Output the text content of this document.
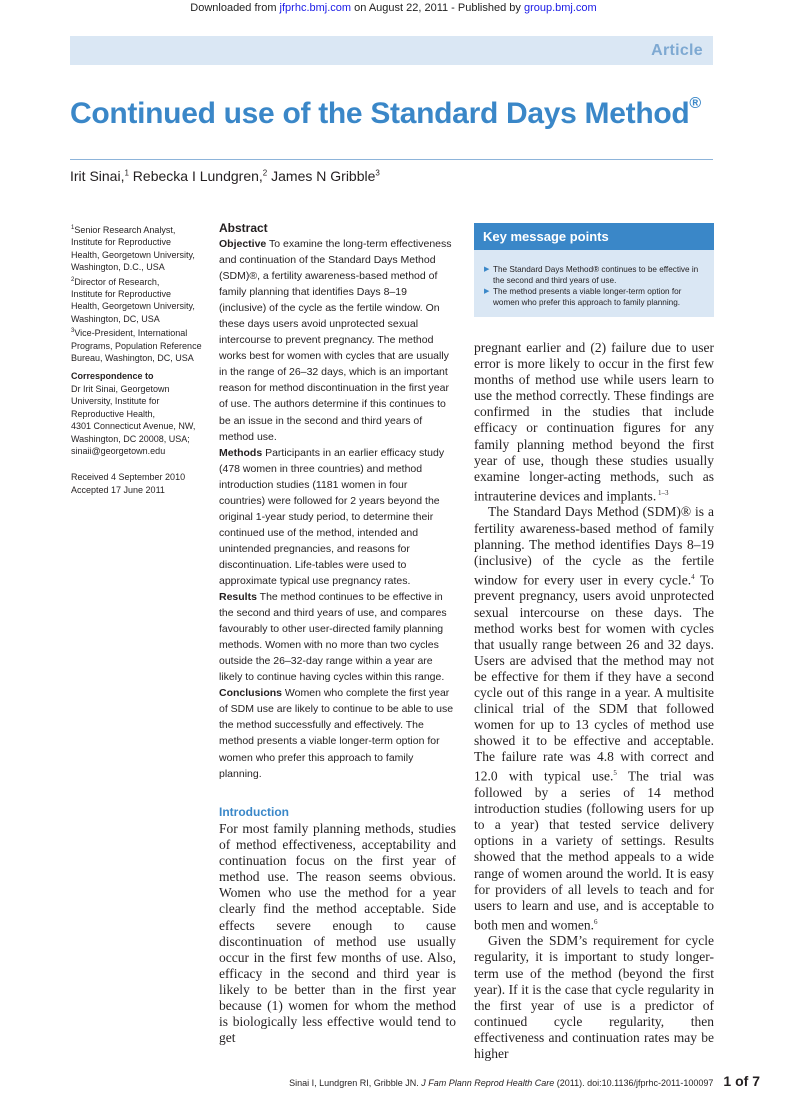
Downloaded from jfprhc.bmj.com on August 22, 2011 - Published by group.bmj.com
Article
Continued use of the Standard Days Method®
Irit Sinai,$^1$ Rebecka I Lundgren,$^2$ James N Gribble$^3$
$^1$Senior Research Analyst,
Institute for Reproductive
Health, Georgetown University,
Washington, D.C., USA
$^2$Director of Research,
Institute for Reproductive
Health, Georgetown University,
Washington, DC, USA
$^3$Vice-President, International
Programs, Population Reference
Bureau, Washington, DC, USA
Correspondence to
Dr Irit Sinai, Georgetown
University, Institute for
Reproductive Health,
4301 Connecticut Avenue, NW,
Washington, DC 20008, USA;
sinaii@georgetown.edu
Received 4 September 2010
Accepted 17 June 2011
Abstract
Objective To examine the long-term effectiveness and continuation of the Standard Days Method (SDM)®, a fertility awareness-based method of family planning that identifies Days 8–19 (inclusive) of the cycle as the fertile window. On these days users avoid unprotected sexual intercourse to prevent pregnancy. The method works best for women with cycles that are usually in the range of 26–32 days, which is an important reason for method discontinuation in the first year of use. The authors determine if this continues to be an issue in the second and third years of method use.
Methods Participants in an earlier efficacy study (478 women in three countries) and method introduction studies (1181 women in four countries) were followed for 2 years beyond the original 1-year study period, to determine their continued use of the method, intended and unintended pregnancies, and reasons for discontinuation. Life-tables were used to approximate typical use pregnancy rates.
Results The method continues to be effective in the second and third years of use, and compares favourably to other user-directed family planning methods. Women with no more than two cycles outside the 26–32-day range within a year are likely to continue having cycles within this range.
Conclusions Women who complete the first year of SDM use are likely to continue to be able to use the method successfully and effectively. The method presents a viable longer-term option for women who prefer this approach to family planning.
Introduction
For most family planning methods, studies of method effectiveness, acceptability and continuation focus on the first year of method use. The reason seems obvious. Women who use the method for a year clearly find the method acceptable. Side effects severe enough to cause discontinuation of method use usually occur in the first few months of use. Also, efficacy in the second and third year is likely to be better than in the first year because (1) women for whom the method is biologically less effective would tend to get
Key message points
▶ The Standard Days Method® continues to be effective in the second and third years of use.
▶ The method presents a viable longer-term option for women who prefer this approach to family planning.

pregnant earlier and (2) failure due to user error is more likely to occur in the first few months of method use while users learn to use the method correctly. These findings are confirmed in the studies that include efficacy or continuation figures for any family planning method beyond the first year of use, though these studies usually examine longer-acting methods, such as intrauterine devices and implants. $^{1-3}$

The Standard Days Method (SDM)® is a fertility awareness-based method of family planning. The method identifies Days 8–19 (inclusive) of the cycle as the fertile window for every user in every cycle.$^4$ To prevent pregnancy, users avoid unprotected sexual intercourse on these days. The method works best for women with cycles that usually range between 26 and 32 days. Users are advised that the method may not be effective for them if they have a second cycle out of this range in a year. A multisite clinical trial of the SDM that followed women for up to 13 cycles of method use showed it to be effective and acceptable. The failure rate was 4.8 with correct and 12.0 with typical use.$^5$ The trial was followed by a series of 14 method introduction studies (following users for up to a year) that tested service delivery options in a variety of settings. Results showed that the method appeals to a wide range of women around the world. It is easy for providers of all levels to teach and for users to learn and use, and is acceptable to both men and women.$^6$

Given the SDM’s requirement for cycle regularity, it is important to study longer-term use of the method (beyond the first year). If it is the case that cycle regularity in the first year of use is a predictor of continued cycle regularity, then effectiveness and continuation rates may be higher

Sinai I, Lundgren RI, Gribble JN. J Fam Plann Reprod Health Care (2011). doi:10.1136/jfprhc-2011-100097 1 of 7
